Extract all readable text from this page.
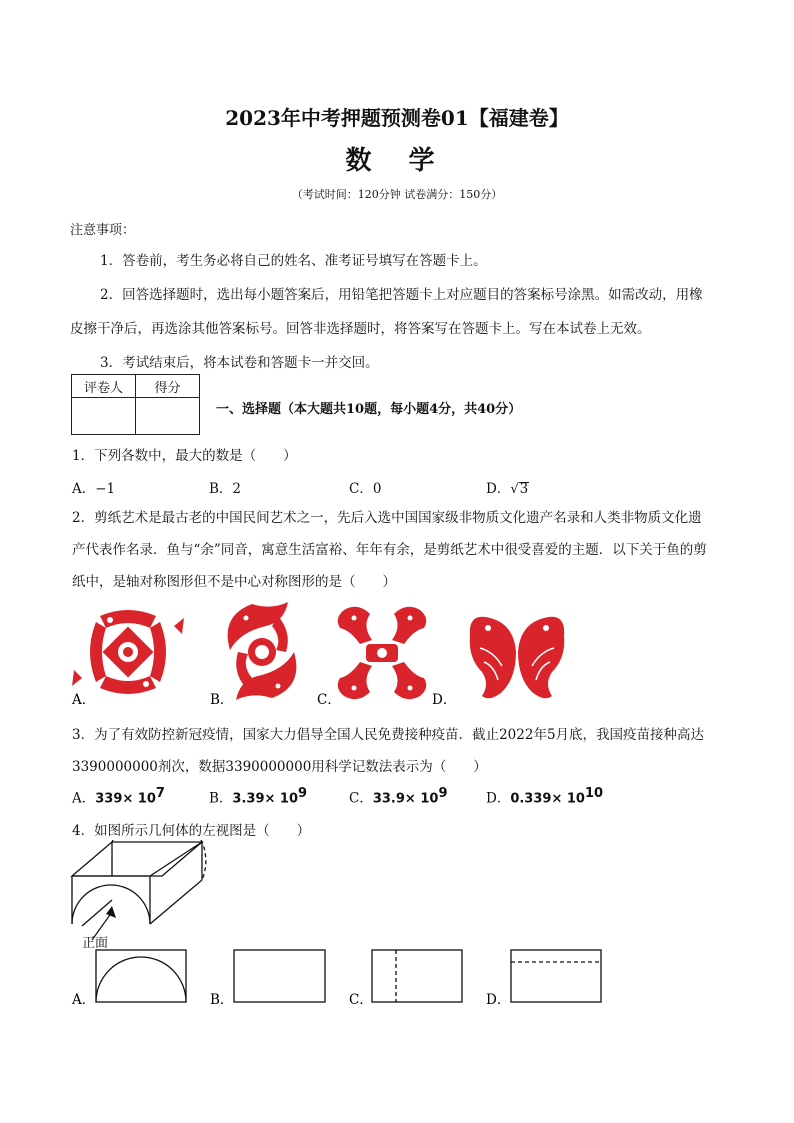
2023年中考押题预测卷01【福建卷】
数 学
（考试时间：120分钟 试卷满分：150分）
注意事项：

1．答卷前，考生务必将自己的姓名、准考证号填写在答题卡上。

2．回答选择题时，选出每小题答案后，用铅笔把答题卡上对应题目的答案标号涂黑。如需改动，用橡

皮擦干净后，再选涂其他答案标号。回答非选择题时，将答案写在答题卡上。写在本试卷上无效。

3．考试结束后，将本试卷和答题卡一并交回。

评卷人	得分

一、选择题（本大题共10题，每小题4分，共40分）
1．下列各数中，最大的数是（　　）
A．−1	B．2	C．0	D．√3

2．剪纸艺术是最古老的中国民间艺术之一，先后入选中国国家级非物质文化遗产名录和人类非物质文化遗

产代表作名录．鱼与“余”同音，寓意生活富裕、年年有余，是剪纸艺术中很受喜爱的主题．以下关于鱼的剪

纸中，是轴对称图形但不是中心对称图形的是（　　）

A．	B．	C．	D．

3．为了有效防控新冠疫情，国家大力倡导全国人民免费接种疫苗．截止2022年5月底，我国疫苗接种高达

3390000000剂次，数据3390000000用科学记数法表示为（　　）

A．$339\times 10^7$	B．$3.39\times 10^9$	C．$33.9\times 10^9$	D．$0.339\times 10^{10}$
4．如图所示几何体的左视图是（　　）
正面
A．	B．	C．	D．
